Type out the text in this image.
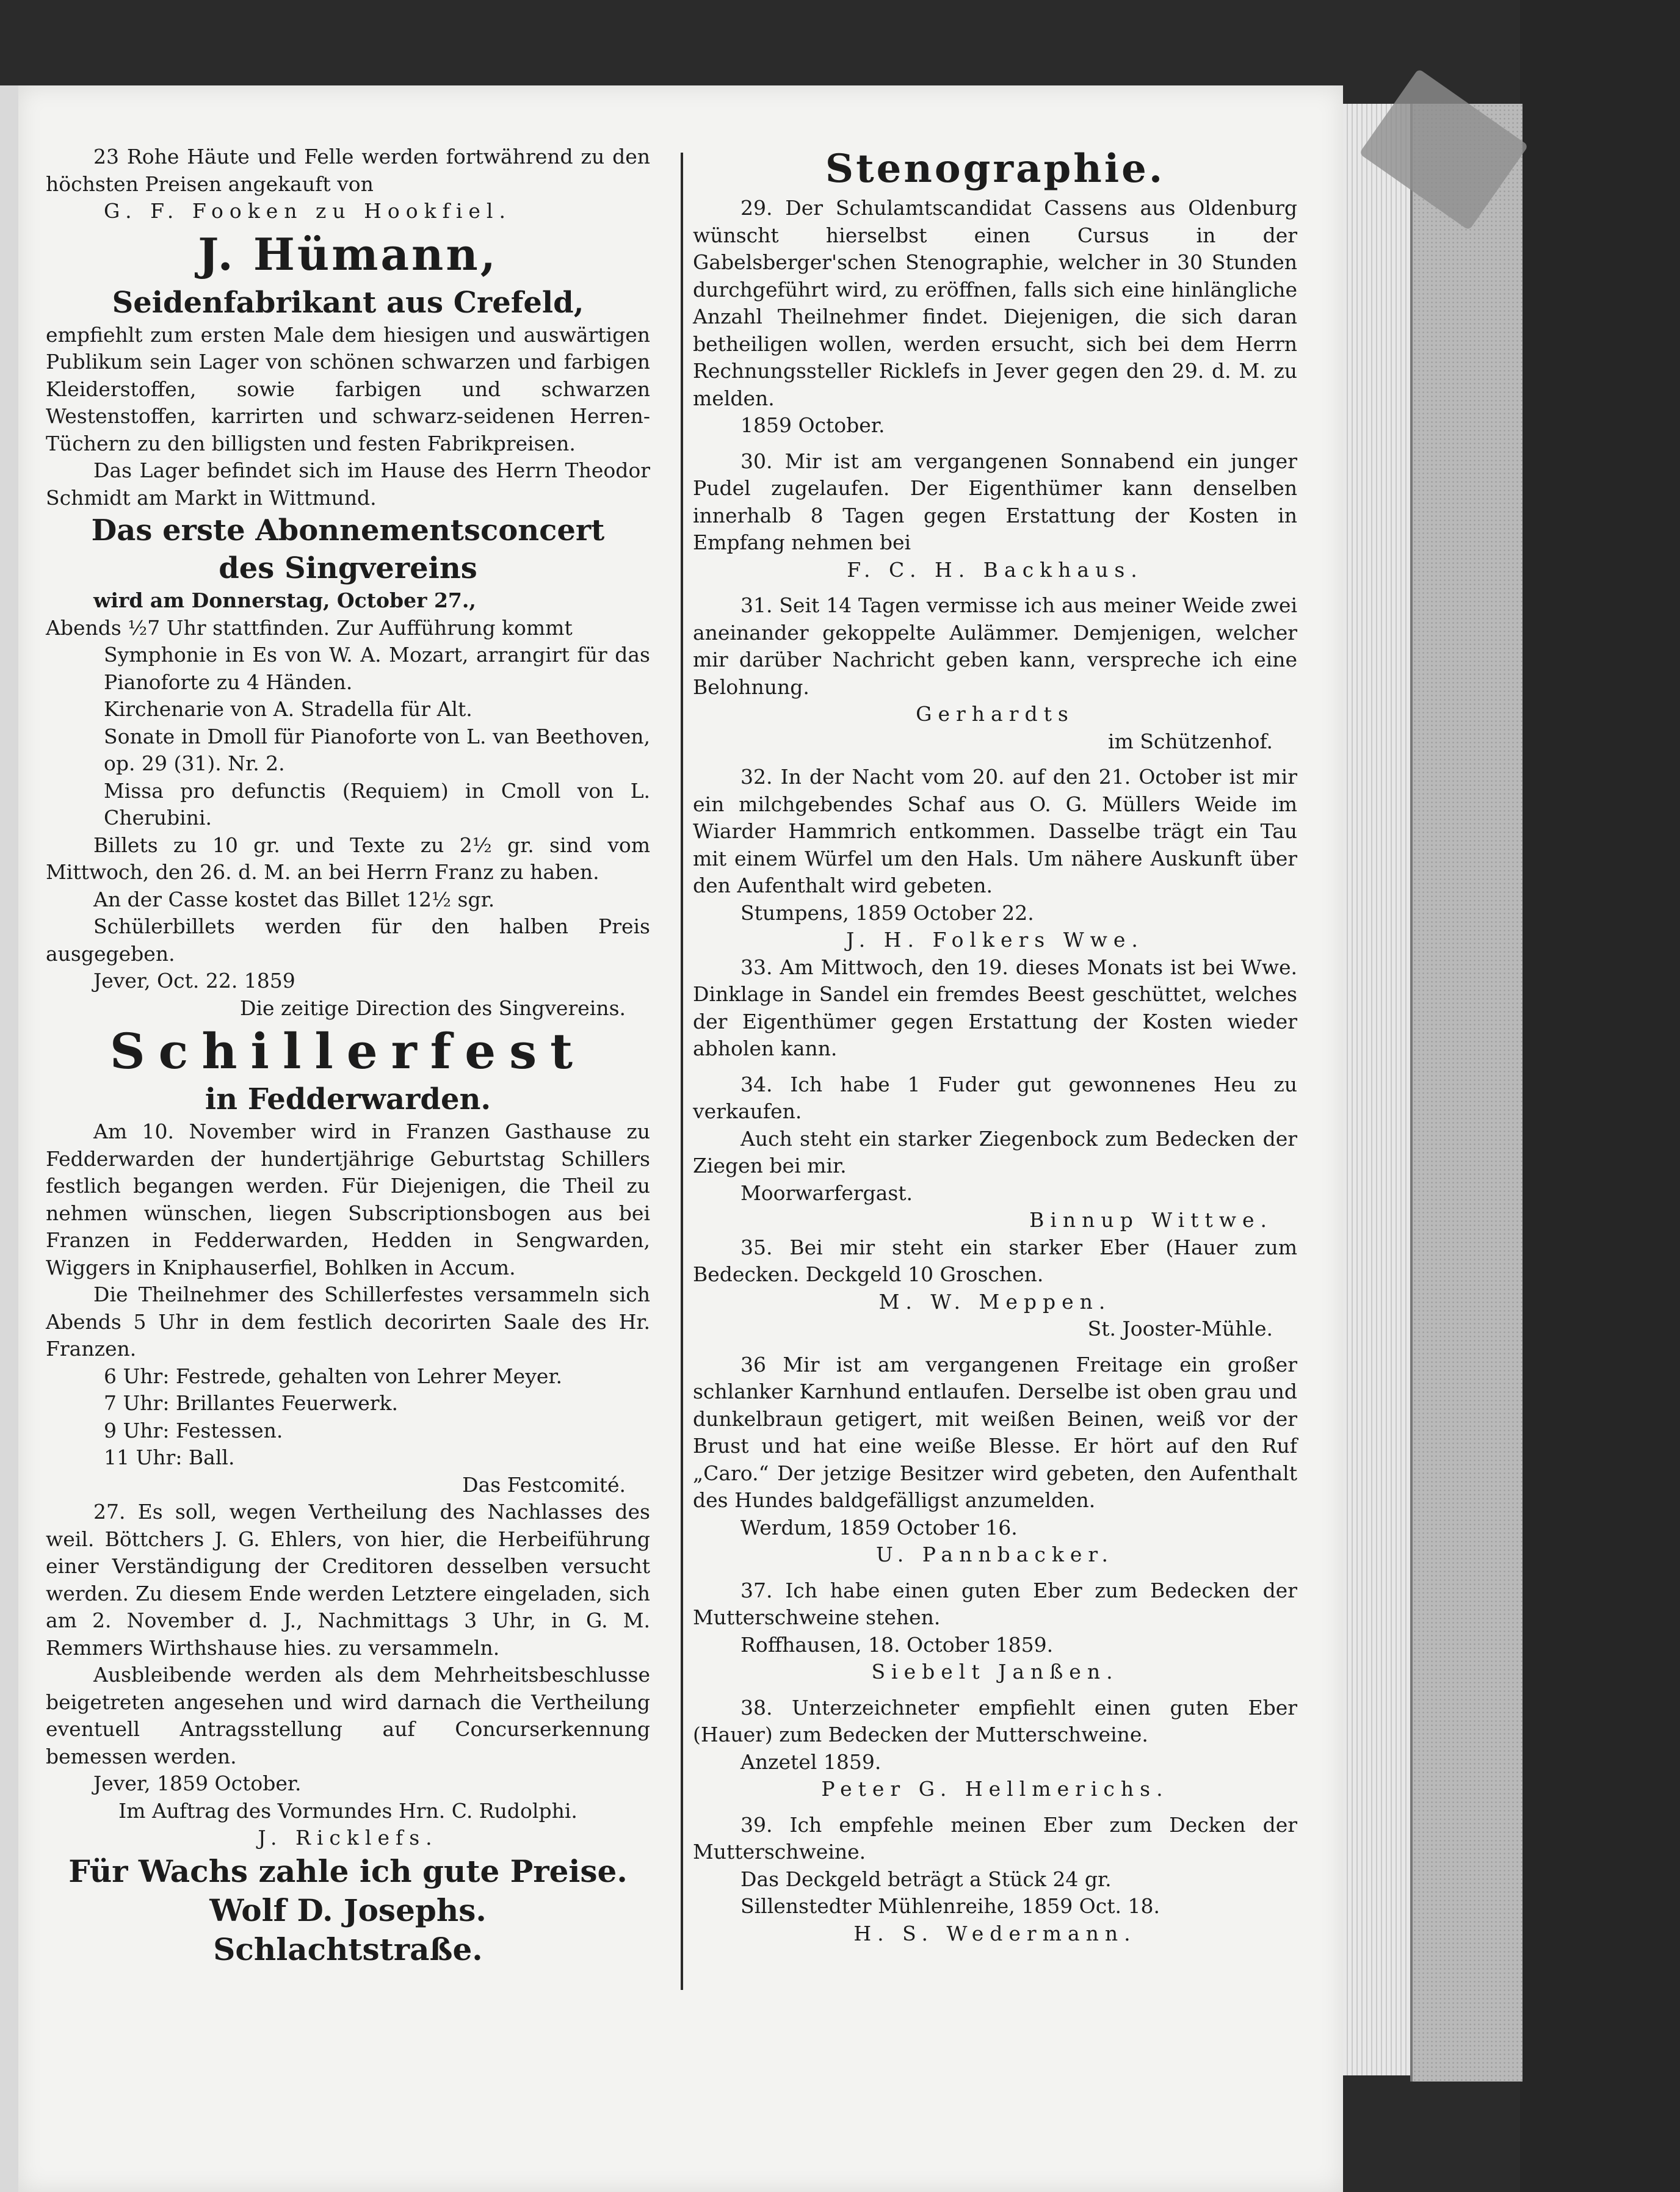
23 Rohe Häute und Felle werden fortwährend zu den höchsten Preisen angekauft von

G. F. Fooken zu Hookfiel.

J. Hümann,

Seidenfabrikant aus Crefeld,

empfiehlt zum ersten Male dem hiesigen und auswärtigen Publikum sein Lager von schönen schwarzen und farbigen Kleiderstoffen, sowie farbigen und schwarzen Westenstoffen, karrirten und schwarz-seidenen Herren-Tüchern zu den billigsten und festen Fabrikpreisen.

Das Lager befindet sich im Hause des Herrn Theodor Schmidt am Markt in Wittmund.

Das erste Abonnementsconcert

des Singvereins

wird am Donnerstag, October 27.,

Abends ½7 Uhr stattfinden. Zur Aufführung kommt

Symphonie in Es von W. A. Mozart, arrangirt für das Pianoforte zu 4 Händen.

Kirchenarie von A. Stradella für Alt.

Sonate in Dmoll für Pianoforte von L. van Beethoven, op. 29 (31). Nr. 2.

Missa pro defunctis (Requiem) in Cmoll von L. Cherubini.

Billets zu 10 gr. und Texte zu 2½ gr. sind vom Mittwoch, den 26. d. M. an bei Herrn Franz zu haben.

An der Casse kostet das Billet 12½ sgr.

Schülerbillets werden für den halben Preis ausgegeben.

Jever, Oct. 22. 1859

Die zeitige Direction des Singvereins.

Schillerfest

in Fedderwarden.

Am 10. November wird in Franzen Gasthause zu Fedderwarden der hundertjährige Geburtstag Schillers festlich begangen werden. Für Diejenigen, die Theil zu nehmen wünschen, liegen Subscriptionsbogen aus bei Franzen in Fedderwarden, Hedden in Sengwarden, Wiggers in Kniphauserfiel, Bohlken in Accum.

Die Theilnehmer des Schillerfestes versammeln sich Abends 5 Uhr in dem festlich decorirten Saale des Hr. Franzen.

6 Uhr: Festrede, gehalten von Lehrer Meyer.

7 Uhr: Brillantes Feuerwerk.

9 Uhr: Festessen.

11 Uhr: Ball.

Das Festcomité.

27. Es soll, wegen Vertheilung des Nachlasses des weil. Böttchers J. G. Ehlers, von hier, die Herbeiführung einer Verständigung der Creditoren desselben versucht werden. Zu diesem Ende werden Letztere eingeladen, sich am 2. November d. J., Nachmittags 3 Uhr, in G. M. Remmers Wirthshause hies. zu versammeln.

Ausbleibende werden als dem Mehrheitsbeschlusse beigetreten angesehen und wird darnach die Vertheilung eventuell Antragsstellung auf Concurserkennung bemessen werden.

Jever, 1859 October.

Im Auftrag des Vormundes Hrn. C. Rudolphi.

J. Ricklefs.

Für Wachs zahle ich gute Preise.

Wolf D. Josephs.

Schlachtstraße.

Stenographie.

29. Der Schulamtscandidat Cassens aus Oldenburg wünscht hierselbst einen Cursus in der Gabelsberger'schen Stenographie, welcher in 30 Stunden durchgeführt wird, zu eröffnen, falls sich eine hinlängliche Anzahl Theilnehmer findet. Diejenigen, die sich daran betheiligen wollen, werden ersucht, sich bei dem Herrn Rechnungssteller Ricklefs in Jever gegen den 29. d. M. zu melden.

1859 October.

30. Mir ist am vergangenen Sonnabend ein junger Pudel zugelaufen. Der Eigenthümer kann denselben innerhalb 8 Tagen gegen Erstattung der Kosten in Empfang nehmen bei

F. C. H. Backhaus.

31. Seit 14 Tagen vermisse ich aus meiner Weide zwei aneinander gekoppelte Aulämmer. Demjenigen, welcher mir darüber Nachricht geben kann, verspreche ich eine Belohnung.

Gerhardts

im Schützenhof.

32. In der Nacht vom 20. auf den 21. October ist mir ein milchgebendes Schaf aus O. G. Müllers Weide im Wiarder Hammrich entkommen. Dasselbe trägt ein Tau mit einem Würfel um den Hals. Um nähere Auskunft über den Aufenthalt wird gebeten.

Stumpens, 1859 October 22.

J. H. Folkers Wwe.

33. Am Mittwoch, den 19. dieses Monats ist bei Wwe. Dinklage in Sandel ein fremdes Beest geschüttet, welches der Eigenthümer gegen Erstattung der Kosten wieder abholen kann.

34. Ich habe 1 Fuder gut gewonnenes Heu zu verkaufen.

Auch steht ein starker Ziegenbock zum Bedecken der Ziegen bei mir.

Moorwarfergast.

Binnup Wittwe.

35. Bei mir steht ein starker Eber (Hauer zum Bedecken. Deckgeld 10 Groschen.

M. W. Meppen.

St. Jooster-Mühle.

36 Mir ist am vergangenen Freitage ein großer schlanker Karnhund entlaufen. Derselbe ist oben grau und dunkelbraun getigert, mit weißen Beinen, weiß vor der Brust und hat eine weiße Blesse. Er hört auf den Ruf „Caro.“ Der jetzige Besitzer wird gebeten, den Aufenthalt des Hundes baldgefälligst anzumelden.

Werdum, 1859 October 16.

U. Pannbacker.

37. Ich habe einen guten Eber zum Bedecken der Mutterschweine stehen.

Roffhausen, 18. October 1859.

Siebelt Janßen.

38. Unterzeichneter empfiehlt einen guten Eber (Hauer) zum Bedecken der Mutterschweine.

Anzetel 1859.

Peter G. Hellmerichs.

39. Ich empfehle meinen Eber zum Decken der Mutterschweine.

Das Deckgeld beträgt a Stück 24 gr.

Sillenstedter Mühlenreihe, 1859 Oct. 18.

H. S. Wedermann.
